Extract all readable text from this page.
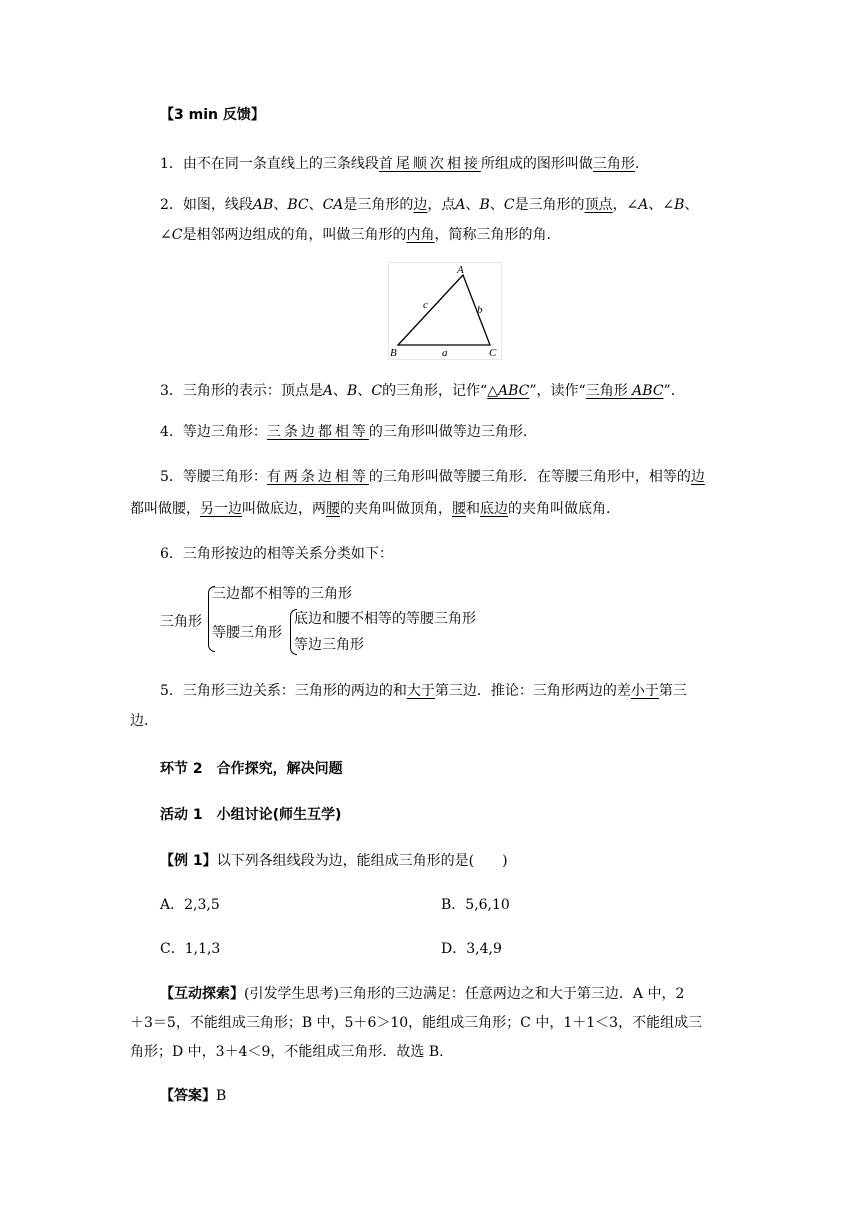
【3 min 反馈】
1．由不在同一条直线上的三条线段首尾顺次相接所组成的图形叫做三角形.
2．如图，线段AB、BC、CA是三角形的边，点A、B、C是三角形的顶点，∠A、∠B、
∠C是相邻两边组成的角，叫做三角形的内角，简称三角形的角.
A
B	C
a
b
c
3．三角形的表示：顶点是A、B、C的三角形，记作“△ABC”，读作“三角形 ABC”.
4．等边三角形：三条边都相等的三角形叫做等边三角形.
5．等腰三角形：有两条边相等的三角形叫做等腰三角形．在等腰三角形中，相等的边
都叫做腰，另一边叫做底边，两腰的夹角叫做顶角，腰和底边的夹角叫做底角.
6．三角形按边的相等关系分类如下：
三角形
三边都不相等的三角形
等腰三角形
底边和腰不相等的等腰三角形
等边三角形
5．三角形三边关系：三角形的两边的和大于第三边．推论：三角形两边的差小于第三
边.
环节 2　合作探究，解决问题
活动 1　小组讨论(师生互学)
【例 1】以下列各组线段为边，能组成三角形的是(　　)
A．2,3,5	B．5,6,10
C．1,1,3	D．3,4,9
【互动探索】(引发学生思考)三角形的三边满足：任意两边之和大于第三边．A 中，2
＋3＝5，不能组成三角形；B 中，5＋6＞10，能组成三角形；C 中，1＋1＜3，不能组成三
角形；D 中，3＋4＜9，不能组成三角形．故选 B.
【答案】B
